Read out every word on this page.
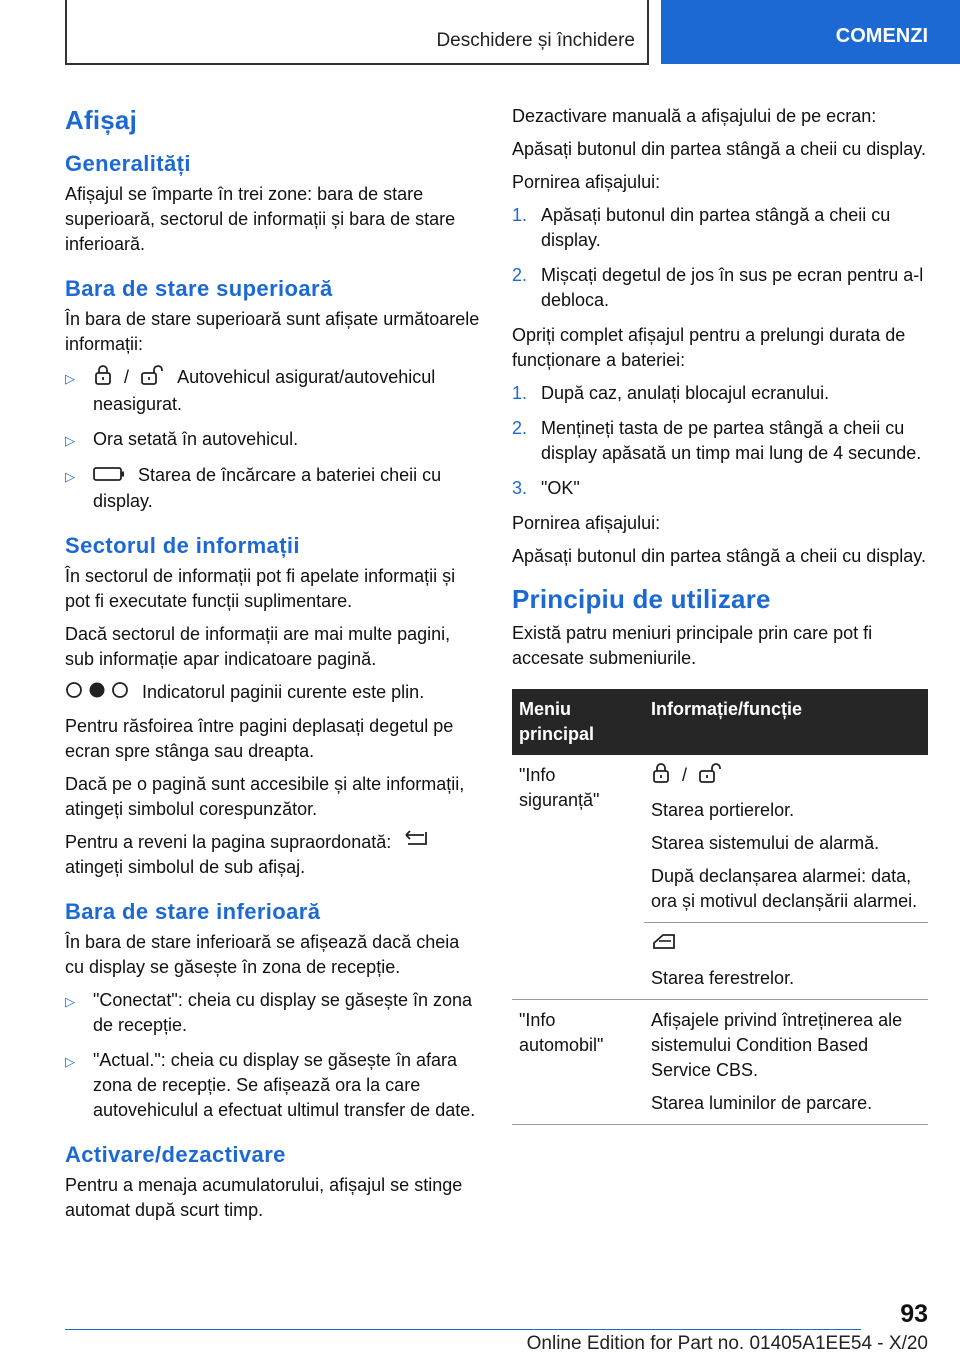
Deschidere și închidere	COMENZI
Afișaj
Generalități
Afișajul se împarte în trei zone: bara de stare superioară, sectorul de informații și bara de stare inferioară.
Bara de stare superioară
În bara de stare superioară sunt afișate următoarele informații:
▷	/	Autovehicul asigurat/autovehicul neasigurat.
▷	Ora setată în autovehicul.
▷	Starea de încărcare a bateriei cheii cu display.
Sectorul de informații
În sectorul de informații pot fi apelate informații și pot fi executate funcții suplimentare.
Dacă sectorul de informații are mai multe pagini, sub informație apar indicatoare pagină.
Indicatorul paginii curente este plin.
Pentru răsfoirea între pagini deplasați degetul pe ecran spre stânga sau dreapta.
Dacă pe o pagină sunt accesibile și alte informații, atingeți simbolul corespunzător.
Pentru a reveni la pagina supraordonată:
atingeți simbolul de sub afișaj.
Bara de stare inferioară
În bara de stare inferioară se afișează dacă cheia cu display se găsește în zona de recepție.
▷	"Conectat": cheia cu display se găsește în zona de recepție.
▷	"Actual.": cheia cu display se găsește în afara zona de recepție. Se afișează ora la care autovehiculul a efectuat ultimul transfer de date.
Activare/dezactivare
Pentru a menaja acumulatorului, afișajul se stinge automat după scurt timp.
Dezactivare manuală a afișajului de pe ecran:
Apăsați butonul din partea stângă a cheii cu display.
Pornirea afișajului:
1. Apăsați butonul din partea stângă a cheii cu display.
2. Mișcați degetul de jos în sus pe ecran pentru a-l debloca.
Opriți complet afișajul pentru a prelungi durata de funcționare a bateriei:
1. După caz, anulați blocajul ecranului.
2. Mențineți tasta de pe partea stângă a cheii cu display apăsată un timp mai lung de 4 secunde.
3. "OK"
Pornirea afișajului:
Apăsați butonul din partea stângă a cheii cu display.
Principiu de utilizare
Există patru meniuri principale prin care pot fi accesate submeniurile.
Meniu principal	Informație/funcție
"Info siguranță"	/
Starea portierelor.
Starea sistemului de alarmă.
După declanșarea alarmei: data, ora și motivul declanșării alarmei.

	Starea ferestrelor.

"Info automobil"	Afișajele privind întreținerea ale sistemului Condition Based Service CBS.
Starea luminilor de parcare.
93
Online Edition for Part no. 01405A1EE54 - X/20
